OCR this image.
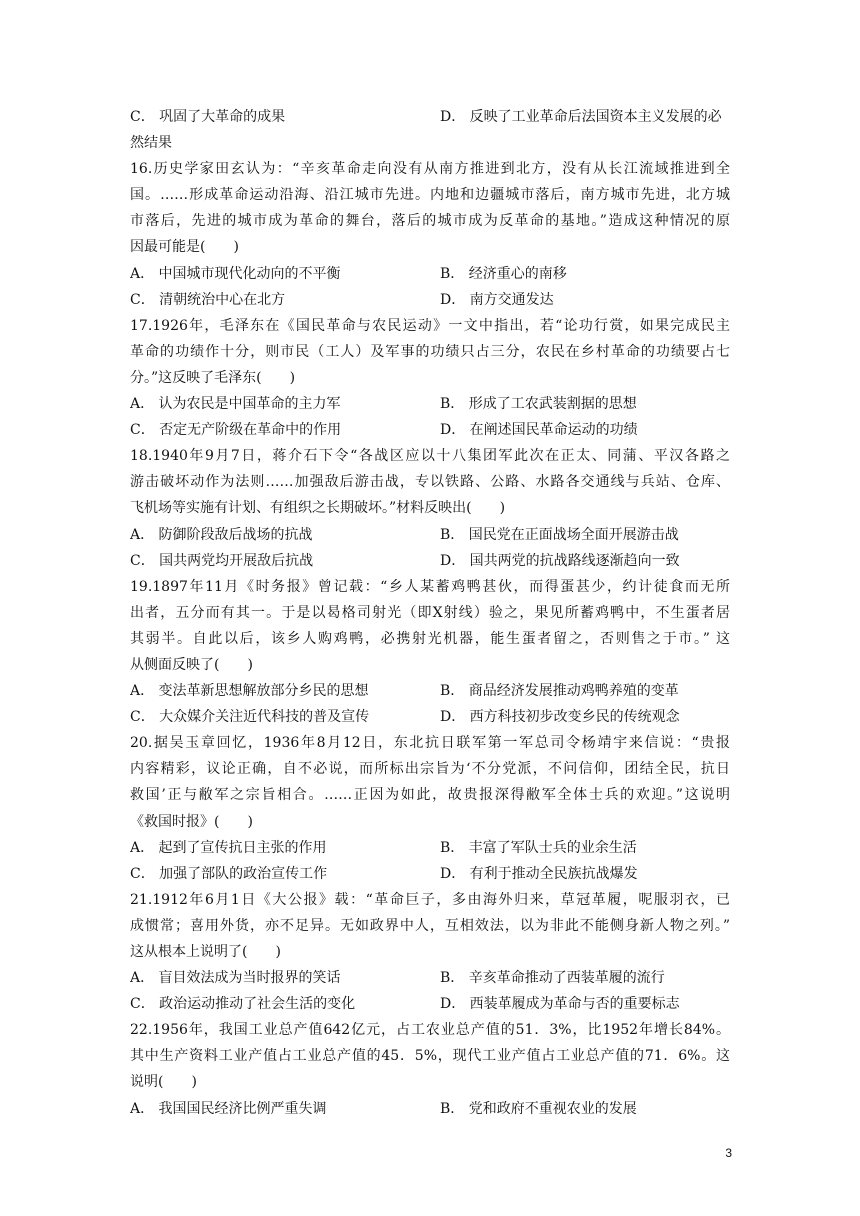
C． 巩固了大革命的成果	D． 反映了工业革命后法国资本主义发展的必
然结果
16.历史学家田玄认为：“辛亥革命走向没有从南方推进到北方，没有从长江流域推进到全
国。……形成革命运动沿海、沿江城市先进。内地和边疆城市落后，南方城市先进，北方城
市落后，先进的城市成为革命的舞台，落后的城市成为反革命的基地。”造成这种情况的原
因最可能是(　　)
A． 中国城市现代化动向的不平衡	B． 经济重心的南移
C． 清朝统治中心在北方	D． 南方交通发达
17.1926年，毛泽东在《国民革命与农民运动》一文中指出，若“论功行赏，如果完成民主
革命的功绩作十分，则市民（工人）及军事的功绩只占三分，农民在乡村革命的功绩要占七
分。”这反映了毛泽东(　　)
A． 认为农民是中国革命的主力军	B． 形成了工农武装割据的思想
C． 否定无产阶级在革命中的作用	D． 在阐述国民革命运动的功绩
18.1940年9月7日，蒋介石下令“各战区应以十八集团军此次在正太、同蒲、平汉各路之
游击破坏动作为法则……加强敌后游击战，专以铁路、公路、水路各交通线与兵站、仓库、
飞机场等实施有计划、有组织之长期破坏。”材料反映出(　　)
A． 防御阶段敌后战场的抗战	B． 国民党在正面战场全面开展游击战
C． 国共两党均开展敌后抗战	D． 国共两党的抗战路线逐渐趋向一致
19.1897年11月《时务报》曾记载：“乡人某蓄鸡鸭甚伙，而得蛋甚少，约计徒食而无所
出者，五分而有其一。于是以曷格司射光（即X射线）验之，果见所蓄鸡鸭中，不生蛋者居
其弱半。自此以后，该乡人购鸡鸭，必携射光机器，能生蛋者留之，否则售之于市。” 这
从侧面反映了(　　)
A． 变法革新思想解放部分乡民的思想	B． 商品经济发展推动鸡鸭养殖的变革
C． 大众媒介关注近代科技的普及宣传	D． 西方科技初步改变乡民的传统观念
20.据吴玉章回忆，1936年8月12日，东北抗日联军第一军总司令杨靖宇来信说：“贵报
内容精彩，议论正确，自不必说，而所标出宗旨为‘不分党派，不问信仰，团结全民，抗日
救国’正与敝军之宗旨相合。……正因为如此，故贵报深得敝军全体士兵的欢迎。”这说明
《救国时报》(　　)
A． 起到了宣传抗日主张的作用	B． 丰富了军队士兵的业余生活
C． 加强了部队的政治宣传工作	D． 有利于推动全民族抗战爆发
21.1912年6月1日《大公报》载：“革命巨子，多由海外归来，草冠革履，呢服羽衣，已
成惯常；喜用外货，亦不足异。无如政界中人，互相效法，以为非此不能侧身新人物之列。”
这从根本上说明了(　　)
A． 盲目效法成为当时报界的笑话	B． 辛亥革命推动了西装革履的流行
C． 政治运动推动了社会生活的变化	D． 西装革履成为革命与否的重要标志
22.1956年，我国工业总产值642亿元，占工农业总产值的51．3%，比1952年增长84%。
其中生产资料工业产值占工业总产值的45．5%，现代工业产值占工业总产值的71．6%。这
说明(　　)
A． 我国国民经济比例严重失调	B． 党和政府不重视农业的发展
3
